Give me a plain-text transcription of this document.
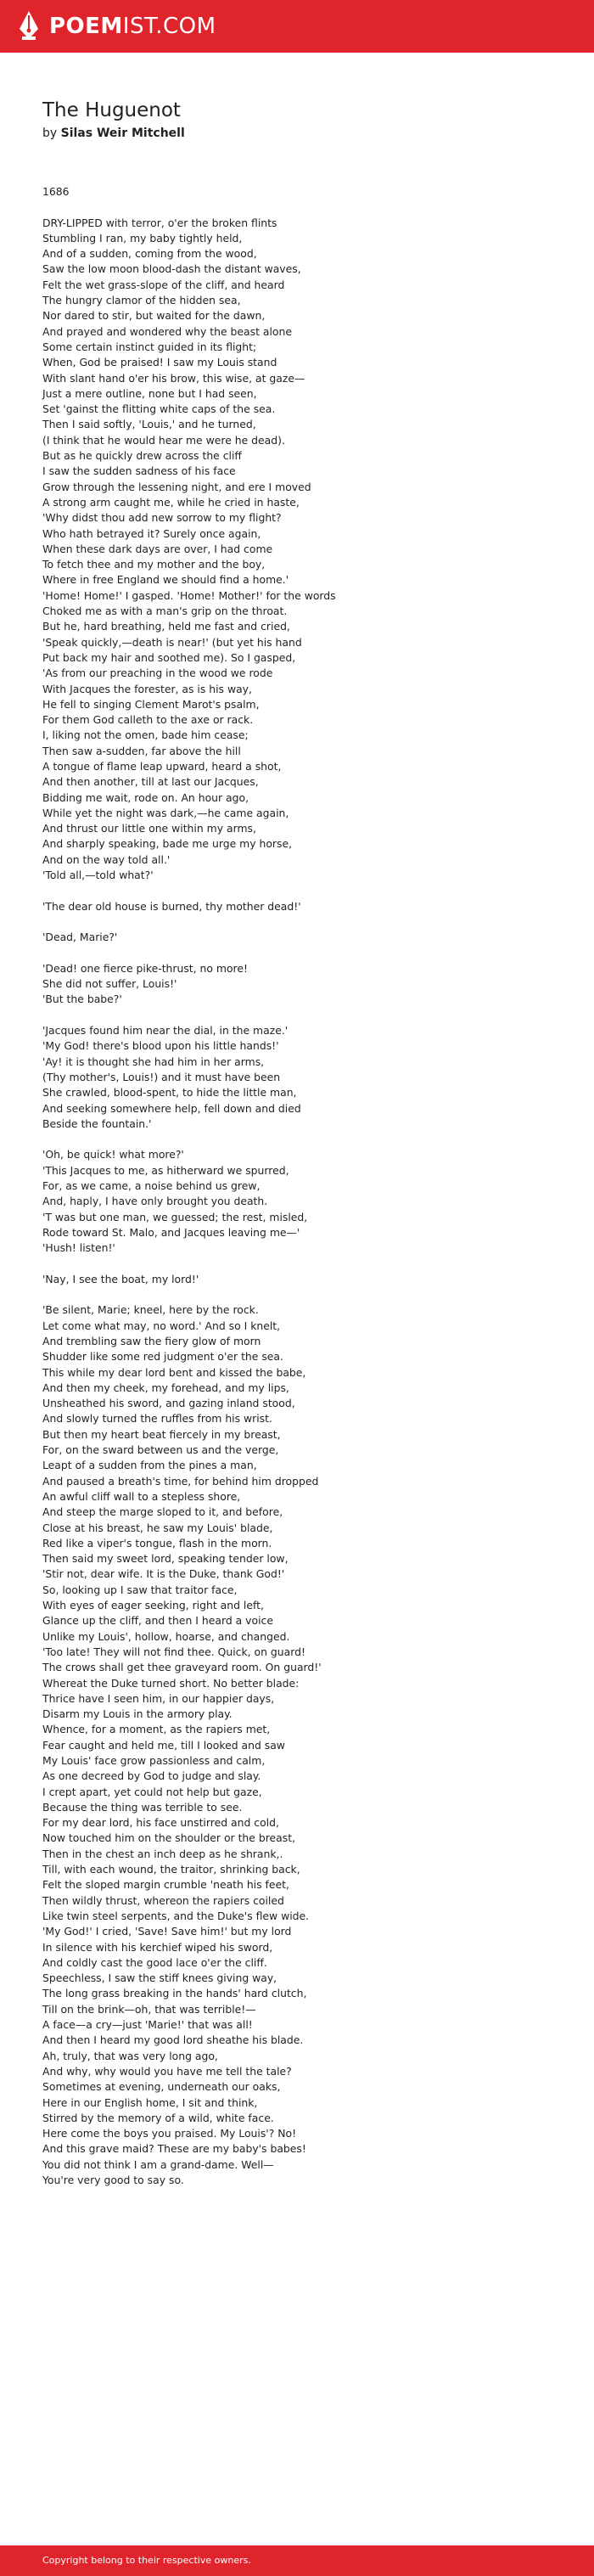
POEMIST.COM
The Huguenot
by Silas Weir Mitchell
1686
DRY-LIPPED with terror, o'er the broken flints
Stumbling I ran, my baby tightly held,
And of a sudden, coming from the wood,
Saw the low moon blood-dash the distant waves,
Felt the wet grass-slope of the cliff, and heard
The hungry clamor of the hidden sea,
Nor dared to stir, but waited for the dawn,
And prayed and wondered why the beast alone
Some certain instinct guided in its flight;
When, God be praised! I saw my Louis stand
With slant hand o'er his brow, this wise, at gaze—
Just a mere outline, none but I had seen,
Set 'gainst the flitting white caps of the sea.
Then I said softly, 'Louis,' and he turned,
(I think that he would hear me were he dead).
But as he quickly drew across the cliff
I saw the sudden sadness of his face
Grow through the lessening night, and ere I moved
A strong arm caught me, while he cried in haste,
'Why didst thou add new sorrow to my flight?
Who hath betrayed it? Surely once again,
When these dark days are over, I had come
To fetch thee and my mother and the boy,
Where in free England we should find a home.'
'Home! Home!' I gasped. 'Home! Mother!' for the words
Choked me as with a man's grip on the throat.
But he, hard breathing, held me fast and cried,
'Speak quickly,—death is near!' (but yet his hand
Put back my hair and soothed me). So I gasped,
'As from our preaching in the wood we rode
With Jacques the forester, as is his way,
He fell to singing Clement Marot's psalm,
For them God calleth to the axe or rack.
I, liking not the omen, bade him cease;
Then saw a-sudden, far above the hill
A tongue of flame leap upward, heard a shot,
And then another, till at last our Jacques,
Bidding me wait, rode on. An hour ago,
While yet the night was dark,—he came again,
And thrust our little one within my arms,
And sharply speaking, bade me urge my horse,
And on the way told all.'
'Told all,—told what?'
'The dear old house is burned, thy mother dead!'
'Dead, Marie?'
'Dead! one fierce pike-thrust, no more!
She did not suffer, Louis!'
'But the babe?'
'Jacques found him near the dial, in the maze.'
'My God! there's blood upon his little hands!'
'Ay! it is thought she had him in her arms,
(Thy mother's, Louis!) and it must have been
She crawled, blood-spent, to hide the little man,
And seeking somewhere help, fell down and died
Beside the fountain.'
'Oh, be quick! what more?'
'This Jacques to me, as hitherward we spurred,
For, as we came, a noise behind us grew,
And, haply, I have only brought you death.
'T was but one man, we guessed; the rest, misled,
Rode toward St. Malo, and Jacques leaving me—'
'Hush! listen!'
'Nay, I see the boat, my lord!'
'Be silent, Marie; kneel, here by the rock.
Let come what may, no word.' And so I knelt,
And trembling saw the fiery glow of morn
Shudder like some red judgment o'er the sea.
This while my dear lord bent and kissed the babe,
And then my cheek, my forehead, and my lips,
Unsheathed his sword, and gazing inland stood,
And slowly turned the ruffles from his wrist.
But then my heart beat fiercely in my breast,
For, on the sward between us and the verge,
Leapt of a sudden from the pines a man,
And paused a breath's time, for behind him dropped
An awful cliff wall to a stepless shore,
And steep the marge sloped to it, and before,
Close at his breast, he saw my Louis' blade,
Red like a viper's tongue, flash in the morn.
Then said my sweet lord, speaking tender low,
'Stir not, dear wife. It is the Duke, thank God!'
So, looking up I saw that traitor face,
With eyes of eager seeking, right and left,
Glance up the cliff, and then I heard a voice
Unlike my Louis', hollow, hoarse, and changed.
'Too late! They will not find thee. Quick, on guard!
The crows shall get thee graveyard room. On guard!'
Whereat the Duke turned short. No better blade:
Thrice have I seen him, in our happier days,
Disarm my Louis in the armory play.
Whence, for a moment, as the rapiers met,
Fear caught and held me, till I looked and saw
My Louis' face grow passionless and calm,
As one decreed by God to judge and slay.
I crept apart, yet could not help but gaze,
Because the thing was terrible to see.
For my dear lord, his face unstirred and cold,
Now touched him on the shoulder or the breast,
Then in the chest an inch deep as he shrank,.
Till, with each wound, the traitor, shrinking back,
Felt the sloped margin crumble 'neath his feet,
Then wildly thrust, whereon the rapiers coiled
Like twin steel serpents, and the Duke's flew wide.
'My God!' I cried, 'Save! Save him!' but my lord
In silence with his kerchief wiped his sword,
And coldly cast the good lace o'er the cliff.
Speechless, I saw the stiff knees giving way,
The long grass breaking in the hands' hard clutch,
Till on the brink—oh, that was terrible!—
A face—a cry—just 'Marie!' that was all!
And then I heard my good lord sheathe his blade.
Ah, truly, that was very long ago,
And why, why would you have me tell the tale?
Sometimes at evening, underneath our oaks,
Here in our English home, I sit and think,
Stirred by the memory of a wild, white face.
Here come the boys you praised. My Louis'? No!
And this grave maid? These are my baby's babes!
You did not think I am a grand-dame. Well—
You're very good to say so.
Copyright belong to their respective owners.
